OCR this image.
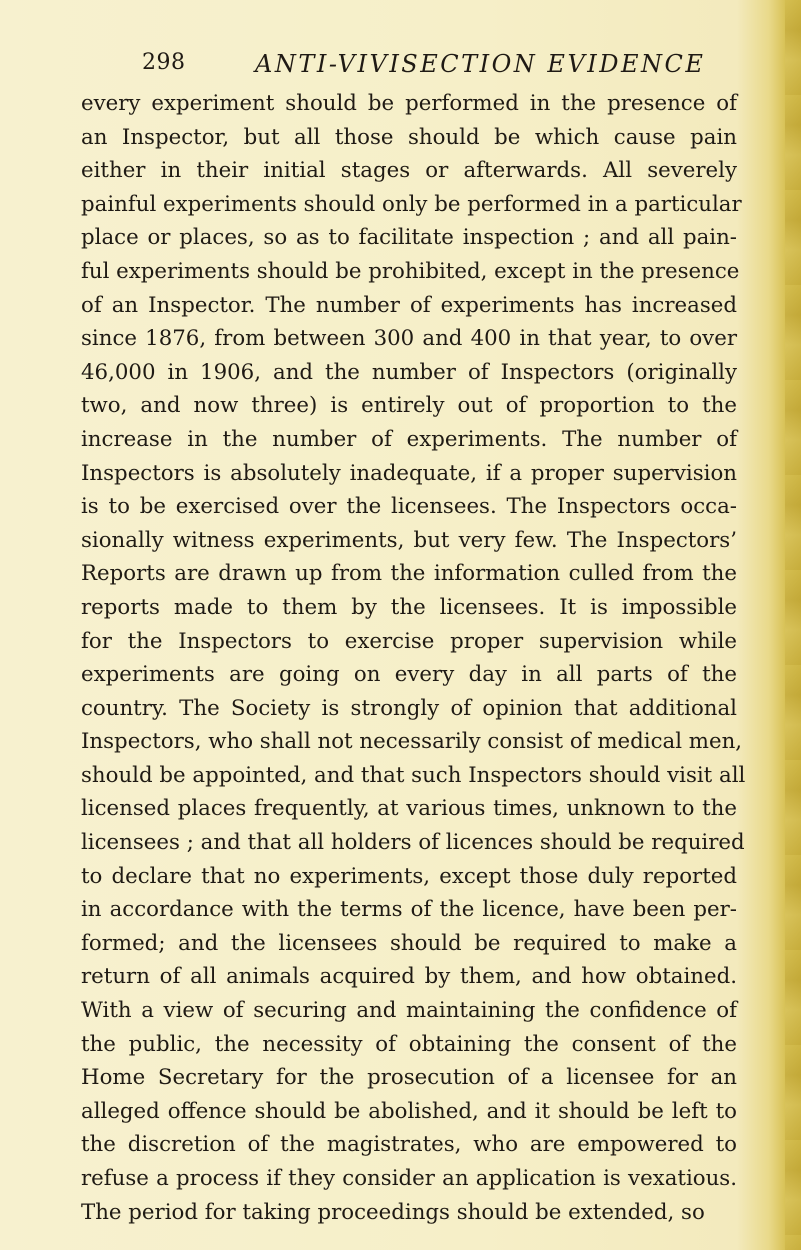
298	ANTI-VIVISECTION EVIDENCE
every experiment should be performed in the presence of
an Inspector, but all those should be which cause pain
either in their initial stages or afterwards. All severely
painful experiments should only be performed in a particular
place or places, so as to facilitate inspection ; and all pain-
ful experiments should be prohibited, except in the presence
of an Inspector. The number of experiments has increased
since 1876, from between 300 and 400 in that year, to over
46,000 in 1906, and the number of Inspectors (originally
two, and now three) is entirely out of proportion to the
increase in the number of experiments. The number of
Inspectors is absolutely inadequate, if a proper supervision
is to be exercised over the licensees. The Inspectors occa-
sionally witness experiments, but very few. The Inspectors’
Reports are drawn up from the information culled from the
reports made to them by the licensees. It is impossible
for the Inspectors to exercise proper supervision while
experiments are going on every day in all parts of the
country. The Society is strongly of opinion that additional
Inspectors, who shall not necessarily consist of medical men,
should be appointed, and that such Inspectors should visit all
licensed places frequently, at various times, unknown to the
licensees ; and that all holders of licences should be required
to declare that no experiments, except those duly reported
in accordance with the terms of the licence, have been per-
formed; and the licensees should be required to make a
return of all animals acquired by them, and how obtained.
With a view of securing and maintaining the confidence of
the public, the necessity of obtaining the consent of the
Home Secretary for the prosecution of a licensee for an
alleged offence should be abolished, and it should be left to
the discretion of the magistrates, who are empowered to
refuse a process if they consider an application is vexatious.
The period for taking proceedings should be extended, so
